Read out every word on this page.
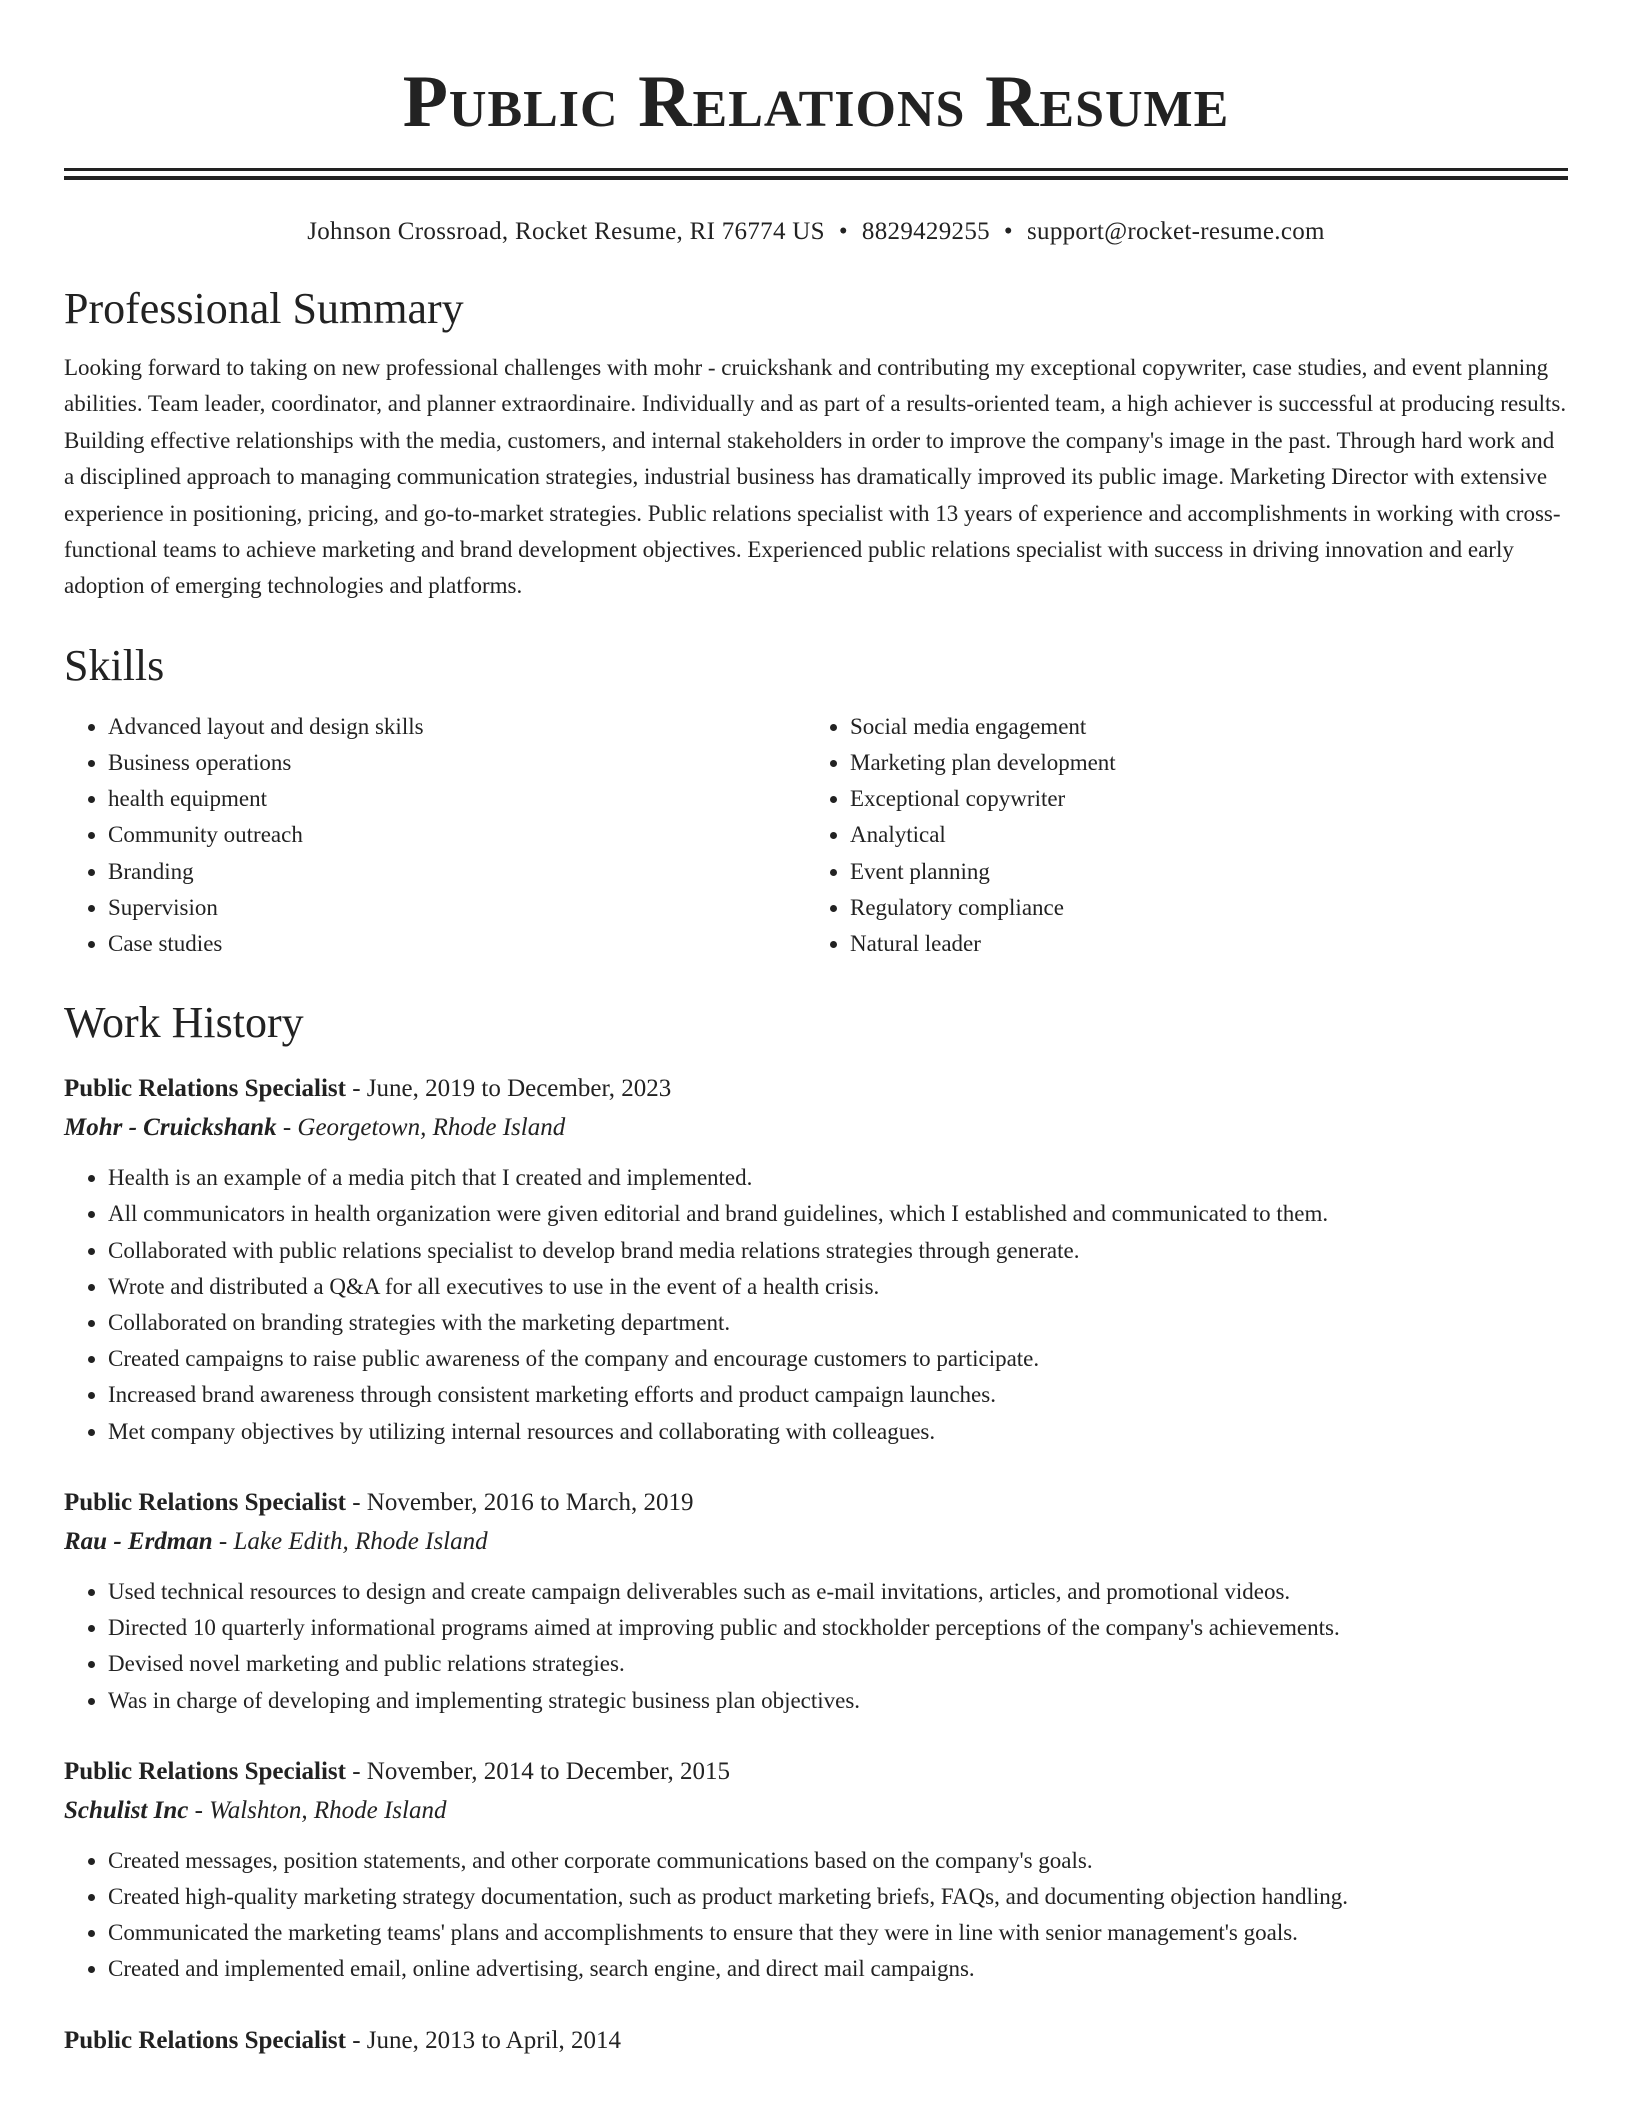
Public Relations Resume
Johnson Crossroad, Rocket Resume, RI 76774 US • 8829429255 • support@rocket-resume.com
Professional Summary

Looking forward to taking on new professional challenges with mohr - cruickshank and contributing my exceptional copywriter, case studies, and event planning abilities. Team leader, coordinator, and planner extraordinaire. Individually and as part of a results-oriented team, a high achiever is successful at producing results. Building effective relationships with the media, customers, and internal stakeholders in order to improve the company's image in the past. Through hard work and a disciplined approach to managing communication strategies, industrial business has dramatically improved its public image. Marketing Director with extensive experience in positioning, pricing, and go-to-market strategies. Public relations specialist with 13 years of experience and accomplishments in working with cross-functional teams to achieve marketing and brand development objectives. Experienced public relations specialist with success in driving innovation and early adoption of emerging technologies and platforms.

Skills
• Advanced layout and design skills
• Business operations
• health equipment
• Community outreach
• Branding
• Supervision
• Case studies
• Social media engagement
• Marketing plan development
• Exceptional copywriter
• Analytical
• Event planning
• Regulatory compliance
• Natural leader
Work History
Public Relations Specialist - June, 2019 to December, 2023
Mohr - Cruickshank - Georgetown, Rhode Island
• Health is an example of a media pitch that I created and implemented.
• All communicators in health organization were given editorial and brand guidelines, which I established and communicated to them.
• Collaborated with public relations specialist to develop brand media relations strategies through generate.
• Wrote and distributed a Q&A for all executives to use in the event of a health crisis.
• Collaborated on branding strategies with the marketing department.
• Created campaigns to raise public awareness of the company and encourage customers to participate.
• Increased brand awareness through consistent marketing efforts and product campaign launches.
• Met company objectives by utilizing internal resources and collaborating with colleagues.
Public Relations Specialist - November, 2016 to March, 2019
Rau - Erdman - Lake Edith, Rhode Island
• Used technical resources to design and create campaign deliverables such as e-mail invitations, articles, and promotional videos.
• Directed 10 quarterly informational programs aimed at improving public and stockholder perceptions of the company's achievements.
• Devised novel marketing and public relations strategies.
• Was in charge of developing and implementing strategic business plan objectives.
Public Relations Specialist - November, 2014 to December, 2015
Schulist Inc - Walshton, Rhode Island
• Created messages, position statements, and other corporate communications based on the company's goals.
• Created high-quality marketing strategy documentation, such as product marketing briefs, FAQs, and documenting objection handling.
• Communicated the marketing teams' plans and accomplishments to ensure that they were in line with senior management's goals.
• Created and implemented email, online advertising, search engine, and direct mail campaigns.
Public Relations Specialist - June, 2013 to April, 2014
